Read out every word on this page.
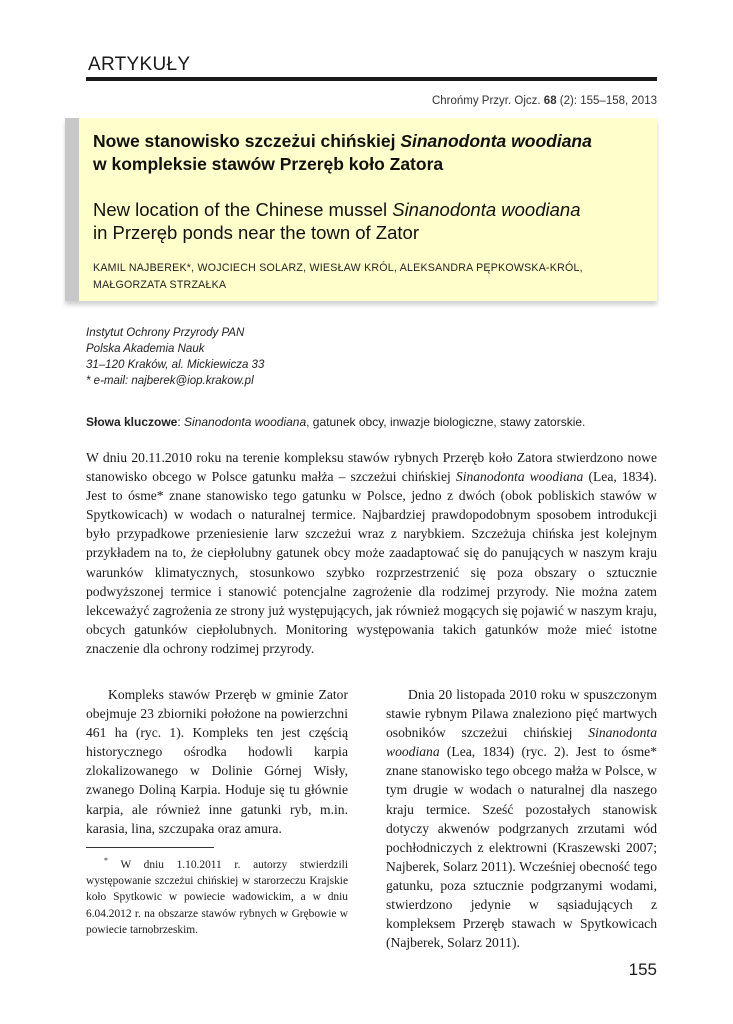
ARTYKUŁY
Chrońmy Przyr. Ojcz. 68 (2): 155–158, 2013
Nowe stanowisko szczeżui chińskiej Sinanodonta woodiana
w kompleksie stawów Przeręb koło Zatora
New location of the Chinese mussel Sinanodonta woodiana
in Przeręb ponds near the town of Zator
KAMIL NAJBEREK*, WOJCIECH SOLARZ, WIESŁAW KRÓL, ALEKSANDRA PĘPKOWSKA-KRÓL,
MAŁGORZATA STRZAŁKA
Instytut Ochrony Przyrody PAN
Polska Akademia Nauk
31–120 Kraków, al. Mickiewicza 33
* e-mail: najberek@iop.krakow.pl
Słowa kluczowe: Sinanodonta woodiana, gatunek obcy, inwazje biologiczne, stawy zatorskie.
W dniu 20.11.2010 roku na terenie kompleksu stawów rybnych Przeręb koło Zatora stwierdzono nowe stanowisko obcego w Polsce gatunku małża – szczeżui chińskiej Sinanodonta woodiana (Lea, 1834). Jest to ósme* znane stanowisko tego gatunku w Polsce, jedno z dwóch (obok pobliskich stawów w Spytkowicach) w wodach o naturalnej termice. Najbardziej prawdopodobnym sposobem introdukcji było przypadkowe przeniesienie larw szczeżui wraz z narybkiem. Szczeżuja chińska jest kolejnym przykładem na to, że ciepłolubny gatunek obcy może zaadaptować się do panujących w naszym kraju warunków klimatycznych, stosunkowo szybko rozprzestrzenić się poza obszary o sztucznie podwyższonej termice i stanowić potencjalne zagrożenie dla rodzimej przyrody. Nie można zatem lekceważyć zagrożenia ze strony już występujących, jak również mogących się pojawić w naszym kraju, obcych gatunków ciepłolubnych. Monitoring występowania takich gatunków może mieć istotne znaczenie dla ochrony rodzimej przyrody.
Kompleks stawów Przeręb w gminie Zator obejmuje 23 zbiorniki położone na powierzchni 461 ha (ryc. 1). Kompleks ten jest częścią historycznego ośrodka hodowli karpia zlokalizowanego w Dolinie Górnej Wisły, zwanego Doliną Karpia. Hoduje się tu głównie karpia, ale również inne gatunki ryb, m.in. karasia, lina, szczupaka oraz amura.
Dnia 20 listopada 2010 roku w spuszczonym stawie rybnym Pilawa znaleziono pięć martwych osobników szczeżui chińskiej Sinanodonta woodiana (Lea, 1834) (ryc. 2). Jest to ósme* znane stanowisko tego obcego małża w Polsce, w tym drugie w wodach o naturalnej dla naszego kraju termice. Sześć pozostałych stanowisk dotyczy akwenów podgrzanych zrzutami wód pochłodniczych z elektrowni (Kraszewski 2007; Najberek, Solarz 2011). Wcześniej obecność tego gatunku, poza sztucznie podgrzanymi wodami, stwierdzono jedynie w sąsiadujących z kompleksem Przeręb stawach w Spytkowicach (Najberek, Solarz 2011).
* W dniu 1.10.2011 r. autorzy stwierdzili występowanie szczeżui chińskiej w starorzeczu Krajskie koło Spytkowic w powiecie wadowickim, a w dniu 6.04.2012 r. na obszarze stawów rybnych w Grębowie w powiecie tarnobrzeskim.
155
